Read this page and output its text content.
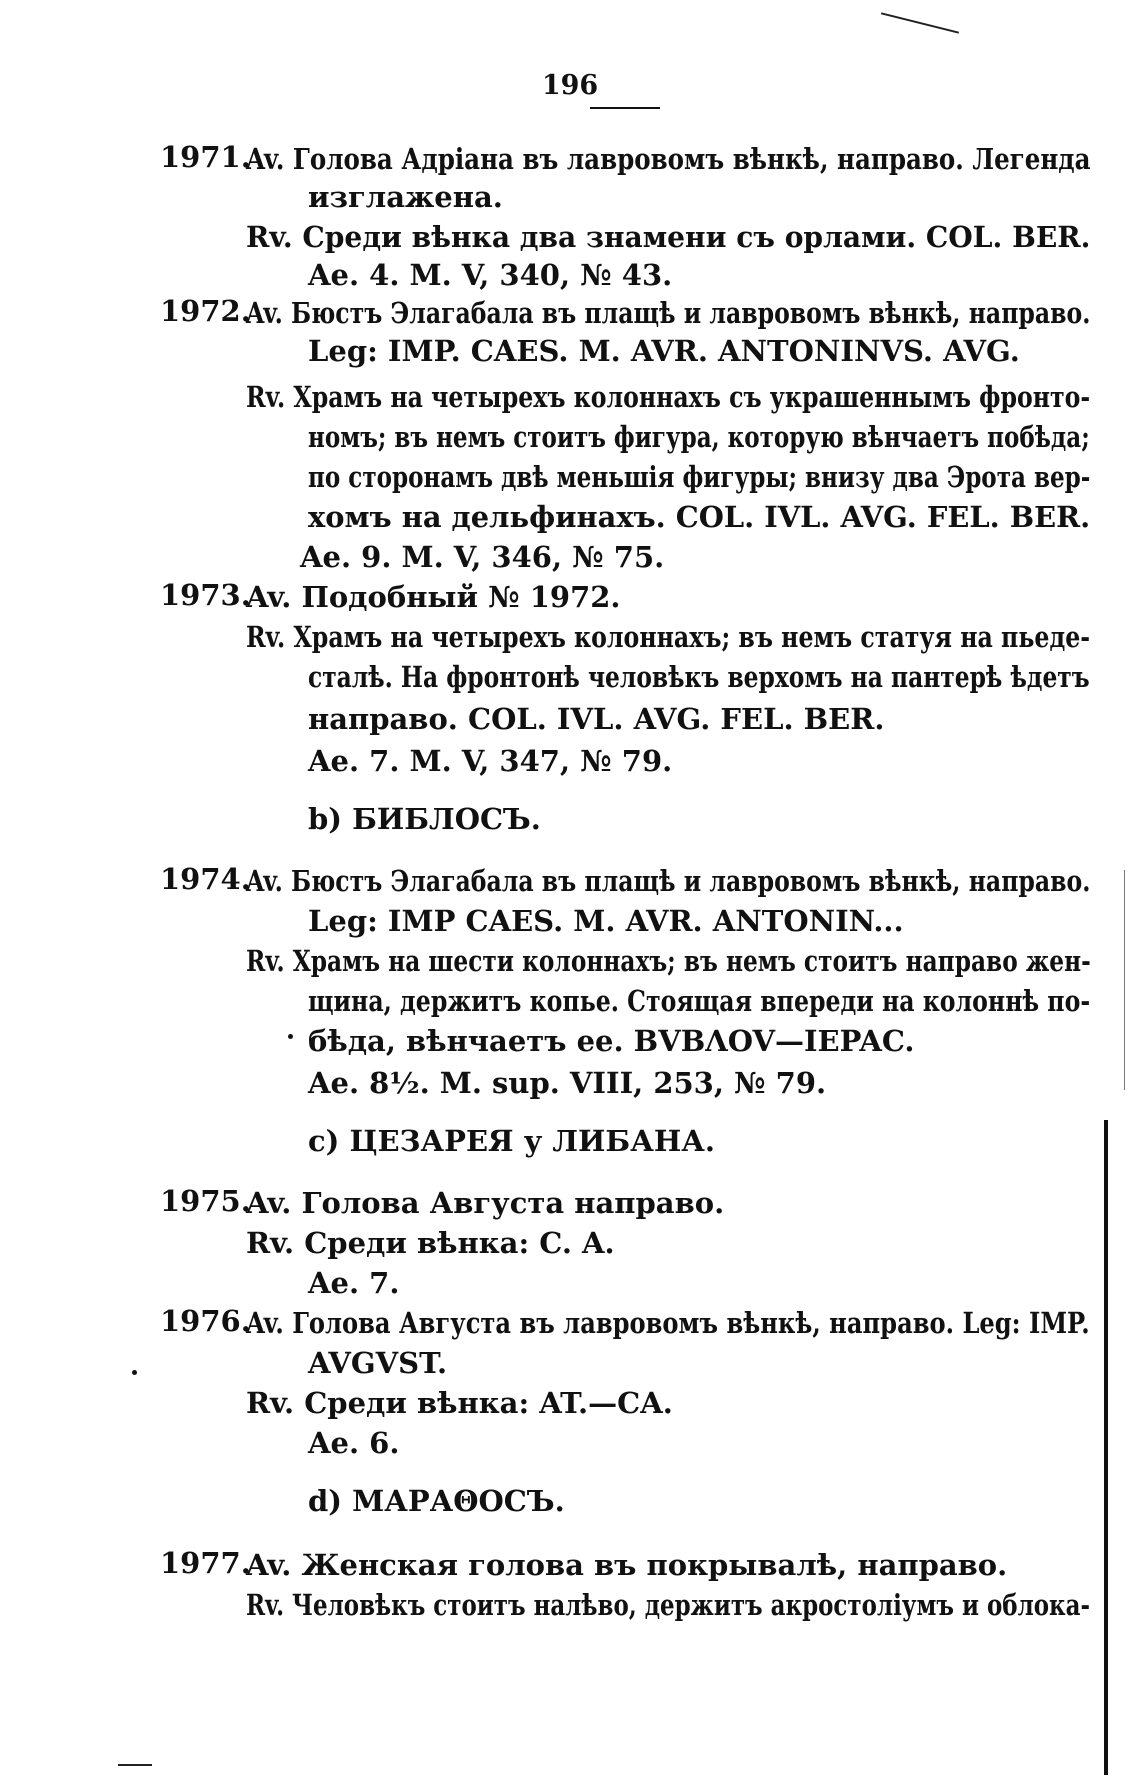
196
1971.
Av. Голова Адріана въ лавровомъ вѣнкѣ, направо. Легенда
изглажена.
Rv. Среди вѣнка два знамени съ орлами. COL. BER.
Ae. 4. M. V, 340, № 43.
1972.
Av. Бюстъ Элагабала въ плащѣ и лавровомъ вѣнкѣ, направо.
Leg: IMP. CAES. M. AVR. ANTONINVS. AVG.
Rv. Храмъ на четырехъ колоннахъ съ украшеннымъ фронто-
номъ; въ немъ стоитъ фигура, которую вѣнчаетъ побѣда;
по сторонамъ двѣ меньшія фигуры; внизу два Эрота вер-
хомъ на дельфинахъ. COL. IVL. AVG. FEL. BER.
Ae. 9. M. V, 346, № 75.
1973.
Av. Подобный № 1972.
Rv. Храмъ на четырехъ колоннахъ; въ немъ статуя на пьеде-
сталѣ. На фронтонѣ человѣкъ верхомъ на пантерѣ ѣдетъ
направо. COL. IVL. AVG. FEL. BER.
Ae. 7. M. V, 347, № 79.
b) БИБЛОСЪ.
1974.
Av. Бюстъ Элагабала въ плащѣ и лавровомъ вѣнкѣ, направо.
Leg: IMP CAES. M. AVR. ANTONIN...
Rv. Храмъ на шести колоннахъ; въ немъ стоитъ направо жен-
щина, держитъ копье. Стоящая впереди на колоннѣ по-
бѣда, вѣнчаетъ ее. BVBΛOV—IEPAC.
Ae. 8½. M. sup. VIII, 253, № 79.
c) ЦЕЗАРЕЯ у ЛИБАНА.
1975.
Av. Голова Августа направо.
Rv. Среди вѣнка: C. A.
Ae. 7.
1976.
Av. Голова Августа въ лавровомъ вѣнкѣ, направо. Leg: IMP.
AVGVST.
Rv. Среди вѣнка: AT.—CA.
Ae. 6.
d) МАРАΘОСЪ.
1977.
Av. Женская голова въ покрывалѣ, направо.
Rv. Человѣкъ стоитъ налѣво, держитъ акростоліумъ и облока-
